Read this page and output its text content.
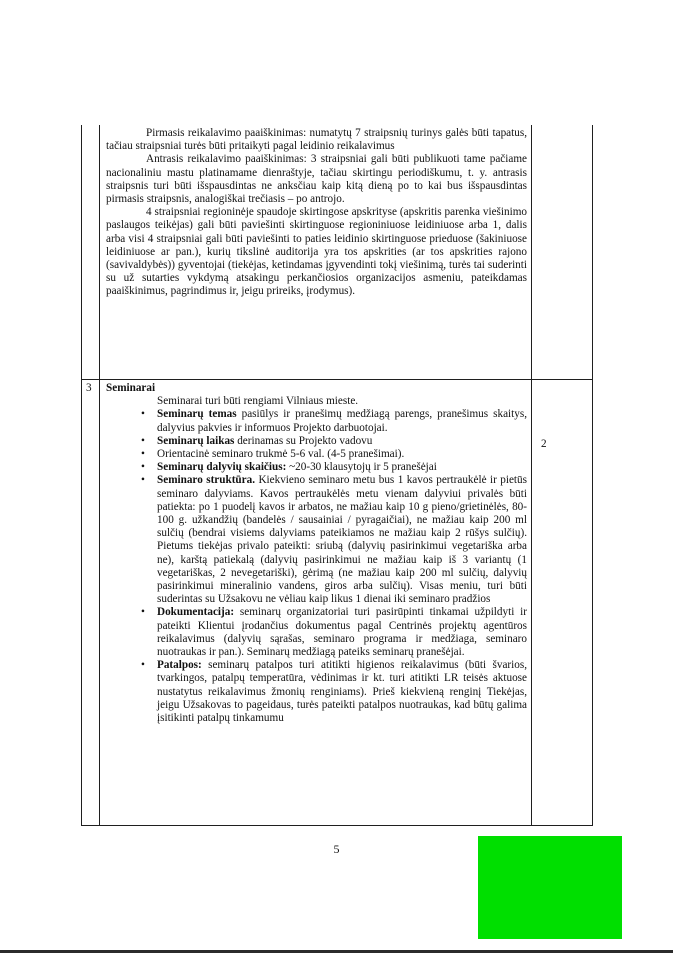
Pirmasis reikalavimo paaiškinimas: numatytų 7 straipsnių turinys galės būti tapatus, tačiau straipsniai turės būti pritaikyti pagal leidinio reikalavimus

Antrasis reikalavimo paaiškinimas: 3 straipsniai gali būti publikuoti tame pačiame nacionaliniu mastu platinamame dienraštyje, tačiau skirtingu periodiškumu, t. y. antrasis straipsnis turi būti išspausdintas ne anksčiau kaip kitą dieną po to kai bus išspausdintas pirmasis straipsnis, analogiškai trečiasis – po antrojo.

4 straipsniai regioninėje spaudoje skirtingose apskrityse (apskritis parenka viešinimo paslaugos teikėjas) gali būti paviešinti skirtinguose regioniniuose leidiniuose arba 1, dalis arba visi 4 straipsniai gali būti paviešinti to paties leidinio skirtinguose prieduose (šakiniuose leidiniuose ar pan.), kurių tikslinė auditorija yra tos apskrities (ar tos apskrities rajono (savivaldybės)) gyventojai (tiekėjas, ketindamas įgyvendinti tokį viešinimą, turės tai suderinti su už sutarties vykdymą atsakingu perkančiosios organizacijos asmeniu, pateikdamas paaiškinimus, pagrindimus ir, jeigu prireiks, įrodymus).

3	Seminarai

Seminarai turi būti rengiami Vilniaus mieste.

• Seminarų temas pasiūlys ir pranešimų medžiagą parengs, pranešimus skaitys, dalyvius pakvies ir informuos Projekto darbuotojai.
• Seminarų laikas derinamas su Projekto vadovu
• Orientacinė seminaro trukmė 5-6 val. (4-5 pranešimai).
• Seminarų dalyvių skaičius: ~20-30 klausytojų ir 5 pranešėjai
• Seminaro struktūra. Kiekvieno seminaro metu bus 1 kavos pertraukėlė ir pietūs seminaro dalyviams. Kavos pertraukėlės metu vienam dalyviui privalės būti patiekta: po 1 puodelį kavos ir arbatos, ne mažiau kaip 10 g pieno/grietinėlės, 80-100 g. užkandžių (bandelės / sausainiai / pyragaičiai), ne mažiau kaip 200 ml sulčių (bendrai visiems dalyviams pateikiamos ne mažiau kaip 2 rūšys sulčių). Pietums tiekėjas privalo pateikti: sriubą (dalyvių pasirinkimui vegetariška arba ne), karštą patiekalą (dalyvių pasirinkimui ne mažiau kaip iš 3 variantų (1 vegetariškas, 2 nevegetariški), gėrimą (ne mažiau kaip 200 ml sulčių, dalyvių pasirinkimui mineralinio vandens, giros arba sulčių). Visas meniu, turi būti suderintas su Užsakovu ne vėliau kaip likus 1 dienai iki seminaro pradžios
• Dokumentacija: seminarų organizatoriai turi pasirūpinti tinkamai užpildyti ir pateikti Klientui įrodančius dokumentus pagal Centrinės projektų agentūros reikalavimus (dalyvių sąrašas, seminaro programa ir medžiaga, seminaro nuotraukas ir pan.). Seminarų medžiagą pateiks seminarų pranešėjai.
• Patalpos: seminarų patalpos turi atitikti higienos reikalavimus (būti švarios, tvarkingos, patalpų temperatūra, vėdinimas ir kt. turi atitikti LR teisės aktuose nustatytus reikalavimus žmonių renginiams). Prieš kiekvieną renginį Tiekėjas, jeigu Užsakovas to pageidaus, turės pateikti patalpos nuotraukas, kad būtų galima įsitikinti patalpų tinkamumu
2
5
